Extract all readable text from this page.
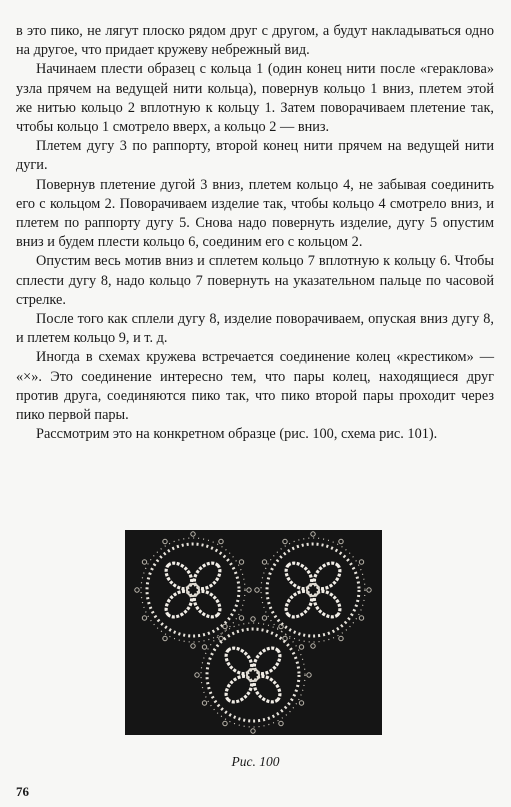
в это пико, не лягут плоско рядом друг с другом, а будут накладываться одно на другое, что придает кружеву небрежный вид.

Начинаем плести образец с кольца 1 (один конец нити после «геракловa» узла прячем на ведущей нити кольца), повернув кольцо 1 вниз, плетем этой же нитью кольцо 2 вплотную к кольцу 1. Затем поворачиваем плетение так, чтобы кольцо 1 смотрело вверх, а кольцо 2 — вниз.

Плетем дугу 3 по раппорту, второй конец нити прячем на ведущей нити дуги.

Повернув плетение дугой 3 вниз, плетем кольцо 4, не забывая соединить его с кольцом 2. Поворачиваем изделие так, чтобы кольцо 4 смотрело вниз, и плетем по раппорту дугу 5. Снова надо повернуть изделие, дугу 5 опустим вниз и будем плести кольцо 6, соединим его с кольцом 2.

Опустим весь мотив вниз и сплетем кольцо 7 вплотную к кольцу 6. Чтобы сплести дугу 8, надо кольцо 7 повернуть на указательном пальце по часовой стрелке.

После того как сплели дугу 8, изделие поворачиваем, опуская вниз дугу 8, и плетем кольцо 9, и т. д.

Иногда в схемах кружева встречается соединение колец «крестиком» — «×». Это соединение интересно тем, что пары колец, находящиеся друг против друга, соединяются пико так, что пико второй пары проходит через пико первой пары.

Рассмотрим это на конкретном образце (рис. 100, схема рис. 101).

Рис. 100
76
